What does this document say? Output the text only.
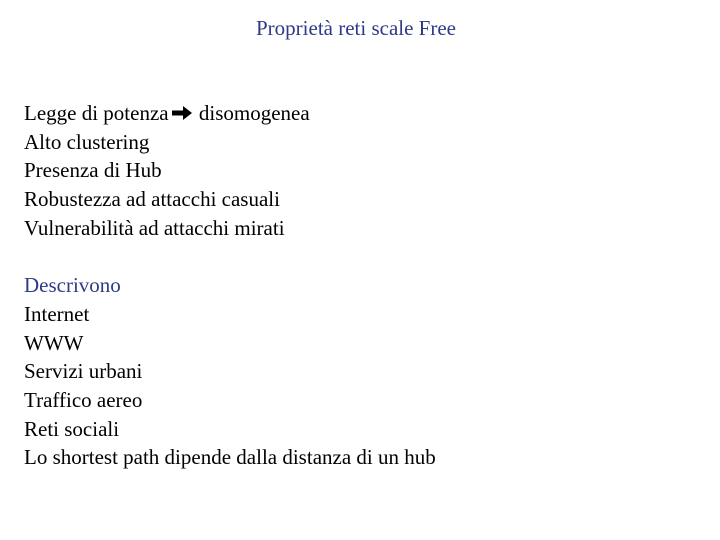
Proprietà reti scale Free
Legge di potenza disomogenea
Alto clustering
Presenza di Hub
Robustezza ad attacchi casuali
Vulnerabilità ad attacchi mirati
Descrivono
Internet
WWW
Servizi urbani
Traffico aereo
Reti sociali
Lo shortest path dipende dalla distanza di un hub
